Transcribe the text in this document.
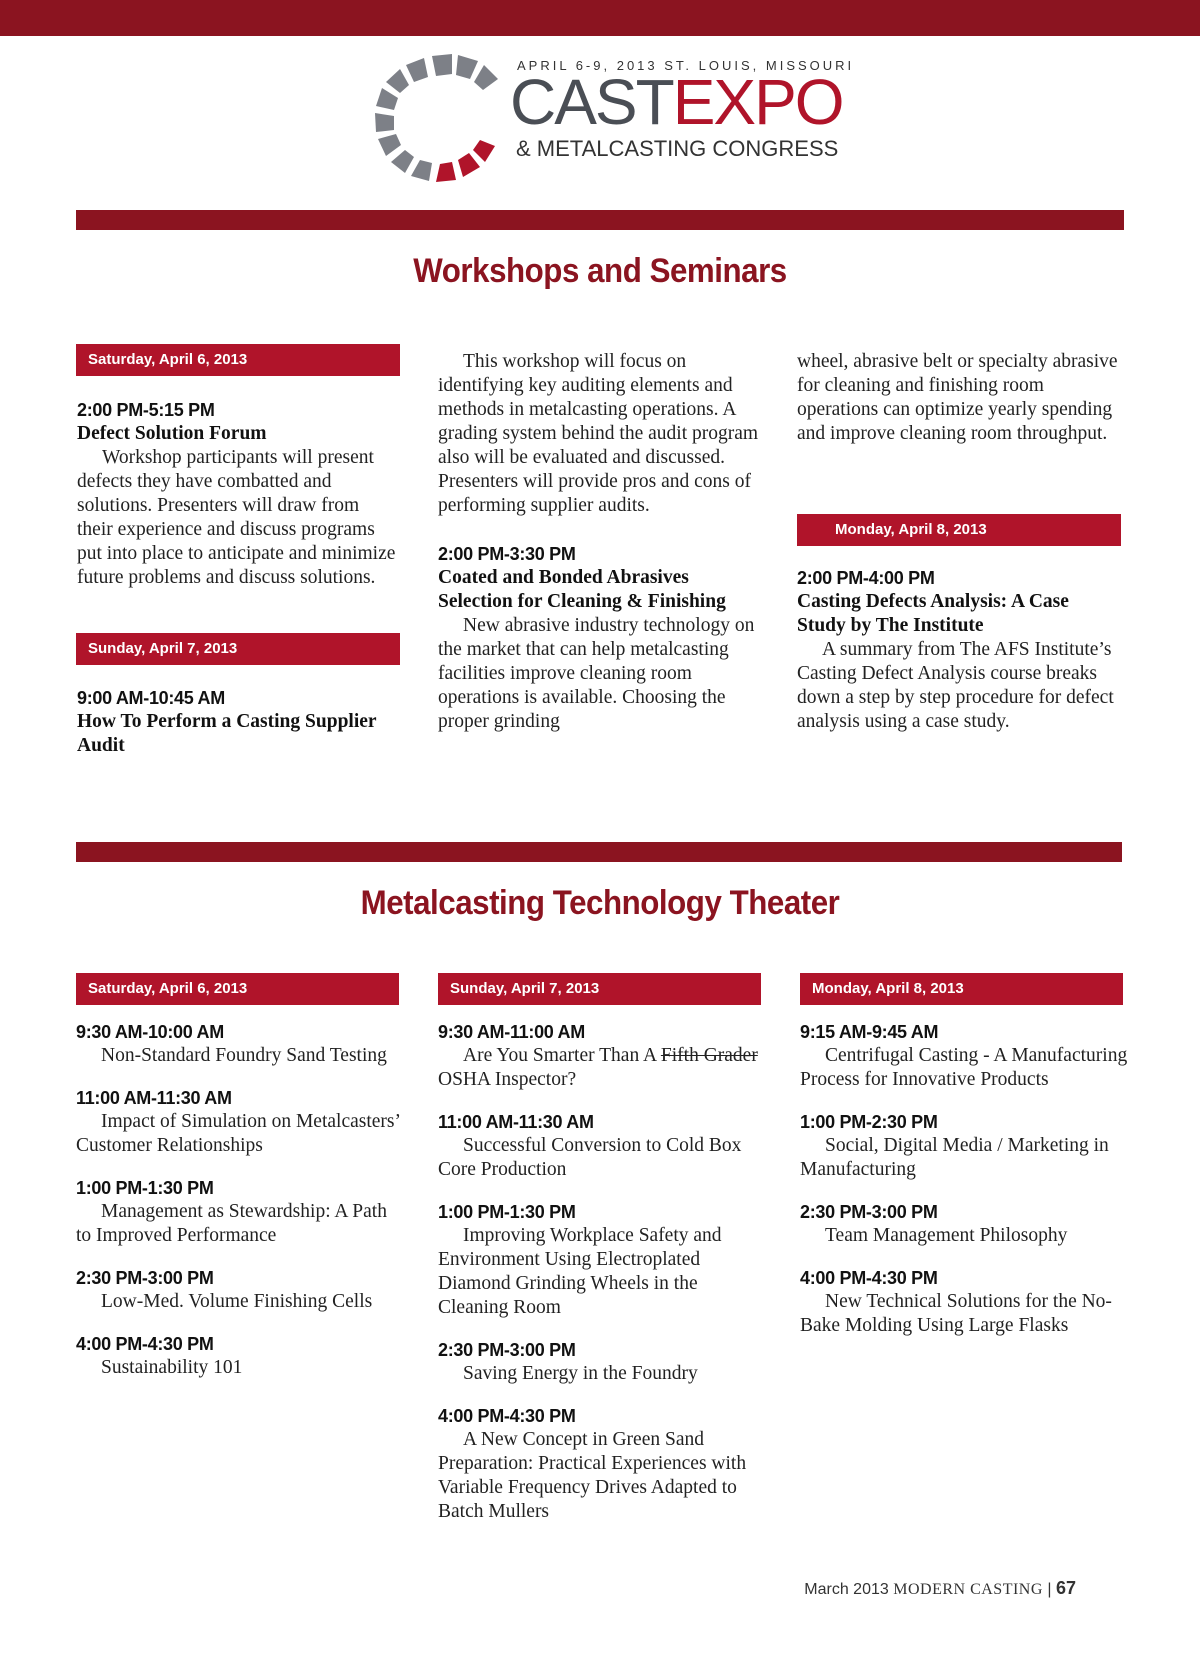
APRIL 6-9, 2013 ST. LOUIS, MISSOURI
CASTEXPO
& METALCASTING CONGRESS
Workshops and Seminars
Saturday, April 6, 2013
2:00 PM-5:15 PM
Defect Solution Forum

Workshop participants will present defects they have combatted and solutions. Presenters will draw from their experience and discuss programs put into place to anticipate and minimize future problems and discuss solutions.

Sunday, April 7, 2013
9:00 AM-10:45 AM
How To Perform a Casting Supplier Audit

This workshop will focus on identifying key auditing elements and methods in metalcasting operations. A grading system behind the audit program also will be evaluated and discussed. Presenters will provide pros and cons of performing supplier audits.

2:00 PM-3:30 PM
Coated and Bonded Abrasives Selection for Cleaning & Finishing

New abrasive industry technology on the market that can help metalcasting facilities improve cleaning room operations is available. Choosing the proper grinding

wheel, abrasive belt or specialty abrasive for cleaning and finishing room operations can optimize yearly spending and improve cleaning room throughput.

Monday, April 8, 2013
2:00 PM-4:00 PM
Casting Defects Analysis: A Case Study by The Institute

A summary from The AFS Institute’s Casting Defect Analysis course breaks down a step by step procedure for defect analysis using a case study.

Metalcasting Technology Theater
Saturday, April 6, 2013
9:30 AM-10:00 AM
Non-Standard Foundry Sand Testing
11:00 AM-11:30 AM
Impact of Simulation on Metalcasters’ Customer Relationships
1:00 PM-1:30 PM
Management as Stewardship: A Path to Improved Performance
2:30 PM-3:00 PM
Low-Med. Volume Finishing Cells
4:00 PM-4:30 PM
Sustainability 101
Sunday, April 7, 2013
9:30 AM-11:00 AM
Are You Smarter Than A Fifth Grader OSHA Inspector?
11:00 AM-11:30 AM
Successful Conversion to Cold Box Core Production
1:00 PM-1:30 PM
Improving Workplace Safety and Environment Using Electroplated Diamond Grinding Wheels in the Cleaning Room
2:30 PM-3:00 PM
Saving Energy in the Foundry
4:00 PM-4:30 PM
A New Concept in Green Sand Preparation: Practical Experiences with Variable Frequency Drives Adapted to Batch Mullers
Monday, April 8, 2013
9:15 AM-9:45 AM
Centrifugal Casting - A Manufacturing Process for Innovative Products
1:00 PM-2:30 PM
Social, Digital Media / Marketing in Manufacturing
2:30 PM-3:00 PM
Team Management Philosophy
4:00 PM-4:30 PM
New Technical Solutions for the No-Bake Molding Using Large Flasks
March 2013 MODERN CASTING | 67
